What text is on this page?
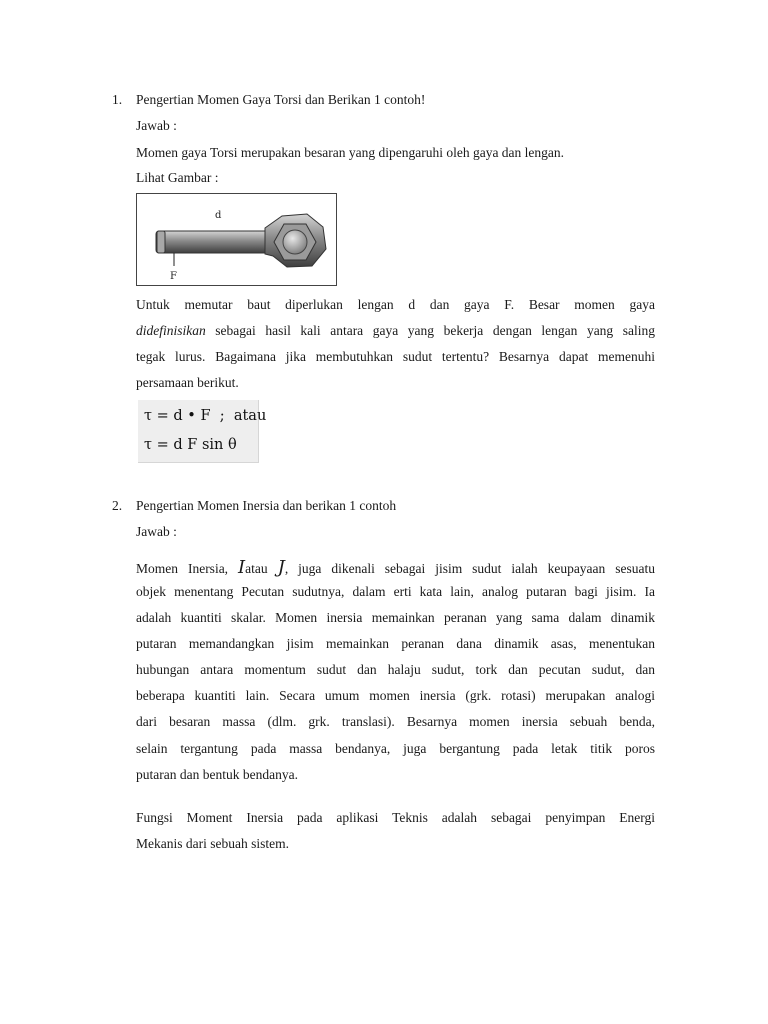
1. Pengertian Momen Gaya Torsi dan Berikan 1 contoh!
Jawab :
Momen gaya Torsi merupakan besaran yang dipengaruhi oleh gaya dan lengan.
Lihat Gambar :
d
F
Untuk memutar baut diperlukan lengan d dan gaya F. Besar momen gaya
didefinisikan sebagai hasil kali antara gaya yang bekerja dengan lengan yang saling
tegak lurus. Bagaimana jika membutuhkan sudut tertentu? Besarnya dapat memenuhi
persamaan berikut.
τ = d • F  ;  atau
τ = d F sin θ
2. Pengertian Momen Inersia dan berikan 1 contoh
Jawab :
Momen Inersia, Iatau J, juga dikenali sebagai jisim sudut ialah keupayaan sesuatu
objek menentang Pecutan sudutnya, dalam erti kata lain, analog putaran bagi jisim. Ia
adalah kuantiti skalar. Momen inersia memainkan peranan yang sama dalam dinamik
putaran memandangkan jisim memainkan peranan dana dinamik asas, menentukan
hubungan antara momentum sudut dan halaju sudut, tork dan pecutan sudut, dan
beberapa kuantiti lain. Secara umum momen inersia (grk. rotasi) merupakan analogi
dari besaran massa (dlm. grk. translasi). Besarnya momen inersia sebuah benda,
selain tergantung pada massa bendanya, juga bergantung pada letak titik poros
putaran dan bentuk bendanya.
Fungsi Moment Inersia pada aplikasi Teknis adalah sebagai penyimpan Energi
Mekanis dari sebuah sistem.
